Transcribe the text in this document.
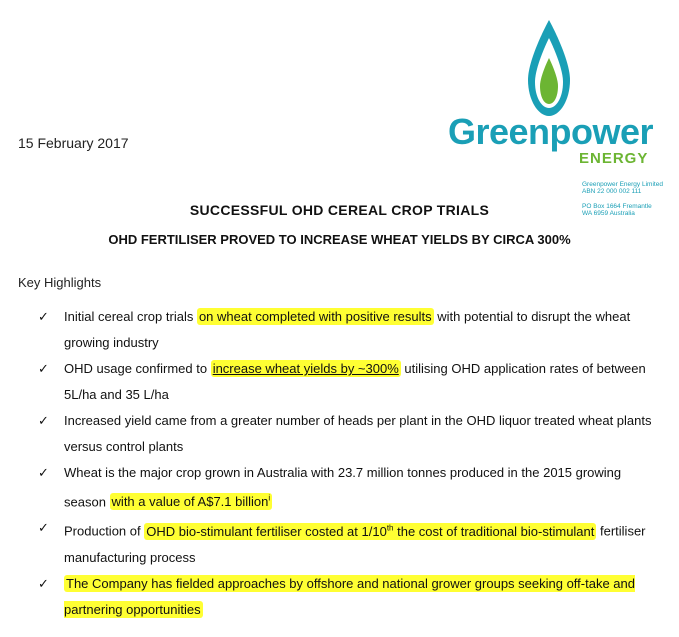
15 February 2017	Greenpower
ENERGY
Greenpower Energy Limited
ABN 22 000 002 111
PO Box 1664 Fremantle
WA 6959 Australia
SUCCESSFUL OHD CEREAL CROP TRIALS
OHD FERTILISER PROVED TO INCREASE WHEAT YIELDS BY CIRCA 300%
Key Highlights
✓ Initial cereal crop trials on wheat completed with positive results with potential to disrupt the wheat growing industry
✓ OHD usage confirmed to increase wheat yields by ~300% utilising OHD application rates of between 5L/ha and 35 L/ha
✓ Increased yield came from a greater number of heads per plant in the OHD liquor treated wheat plants versus control plants
✓ Wheat is the major crop grown in Australia with 23.7 million tonnes produced in the 2015 growing season with a value of A$7.1 billion$^i$
✓ Production of OHD bio-stimulant fertiliser costed at 1/10th the cost of traditional bio-stimulant fertiliser manufacturing process
✓ The Company has fielded approaches by offshore and national grower groups seeking off-take and partnering opportunities
